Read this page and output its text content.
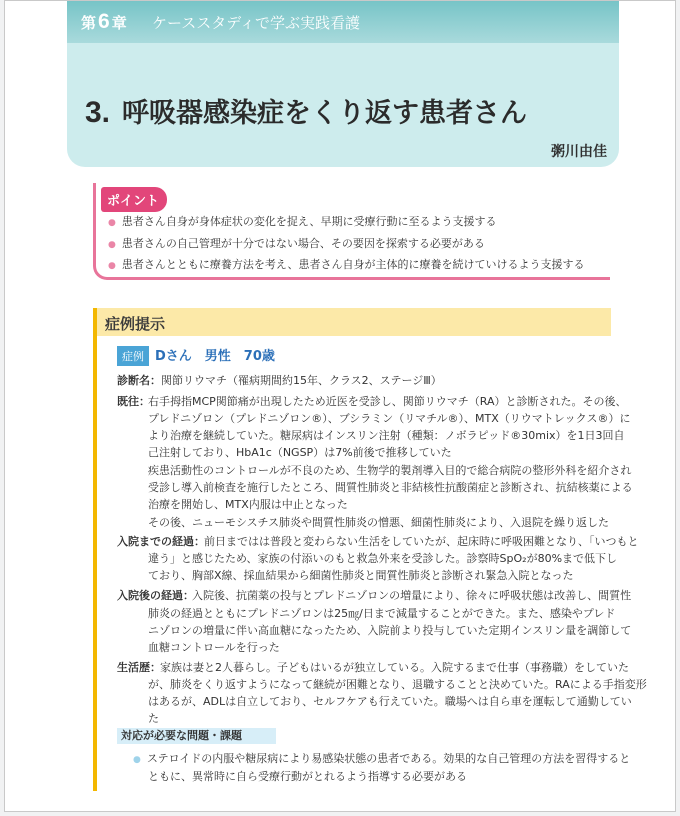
第6 章 ケーススタディで学ぶ実践看護
3. 呼吸器感染症をくり返す患者さん
粥川由佳
ポイント
● 患者さん自身が身体症状の変化を捉え、早期に受療行動に至るよう支援する
● 患者さんの自己管理が十分ではない場合、その要因を探索する必要がある
● 患者さんとともに療養方法を考え、患者さん自身が主体的に療養を続けていけるよう支援する
症例提示
症例 Dさん　男性　70歳
診断名：関節リウマチ（罹病期間約15年、クラス2、ステージⅢ）
既往：
右手拇指MCP関節痛が出現したため近医を受診し、関節リウマチ（RA）と診断された。その後、
プレドニゾロン（プレドニゾロン®）、ブシラミン（リマチル®）、MTX（リウマトレックス®）に
より治療を継続していた。糖尿病はインスリン注射（種類：ノボラピッド®30mix）を1日3回自
己注射しており、HbA1c（NGSP）は7%前後で推移していた
疾患活動性のコントロールが不良のため、生物学的製剤導入目的で総合病院の整形外科を紹介され
受診し導入前検査を施行したところ、間質性肺炎と非結核性抗酸菌症と診断され、抗結核薬による
治療を開始し、MTX内服は中止となった
その後、ニューモシスチス肺炎や間質性肺炎の憎悪、細菌性肺炎により、入退院を繰り返した
入院までの経過： 前日まではは普段と変わらない生活をしていたが、起床時に呼吸困難となり、「いつもと
違う」と感じたため、家族の付添いのもと救急外来を受診した。診察時SpO₂が80%まで低下し
ており、胸部X線、採血結果から細菌性肺炎と間質性肺炎と診断され緊急入院となった
入院後の経過：
入院後、抗菌薬の投与とプレドニゾロンの増量により、徐々に呼吸状態は改善し、間質性
肺炎の経過とともにプレドニゾロンは25㎎/日まで減量することができた。また、感染やプレド
ニゾロンの増量に伴い高血糖になったため、入院前より投与していた定期インスリン量を調節して
血糖コントロールを行った
生活歴： 家族は妻と2人暮らし。子どもはいるが独立している。入院するまで仕事（事務職）をしていた
が、肺炎をくり返すようになって継続が困難となり、退職することと決めていた。RAによる手指変形
はあるが、ADLは自立しており、セルフケアも行えていた。職場へは自ら車を運転して通勤してい
た
対応が必要な問題・課題
● ステロイドの内服や糖尿病により易感染状態の患者である。効果的な自己管理の方法を習得すると
ともに、異常時に自ら受療行動がとれるよう指導する必要がある
